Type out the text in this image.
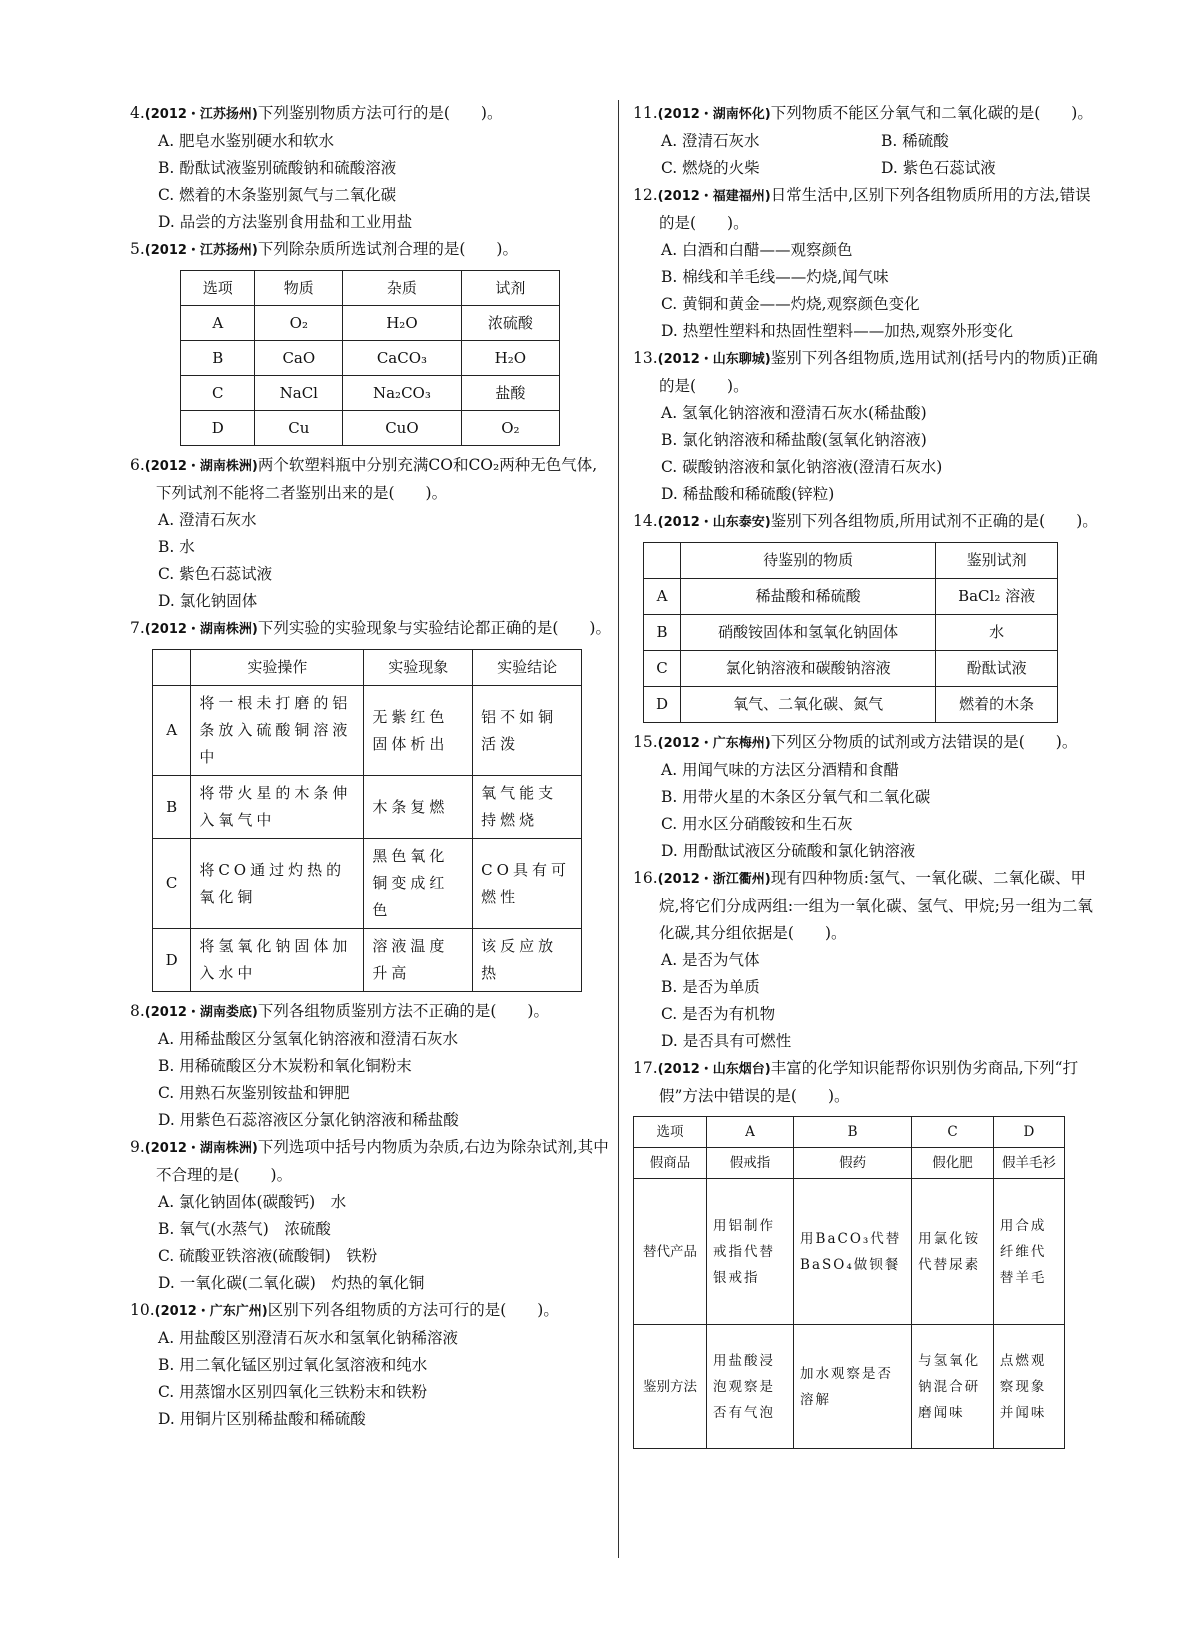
4.(2012・江苏扬州)下列鉴别物质方法可行的是(　　)。

A. 肥皂水鉴别硬水和软水

B. 酚酞试液鉴别硫酸钠和硫酸溶液

C. 燃着的木条鉴别氮气与二氧化碳

D. 品尝的方法鉴别食用盐和工业用盐

5.(2012・江苏扬州)下列除杂质所选试剂合理的是(　　)。

选项	物质	杂质	试剂
A	O₂	H₂O	浓硫酸
B	CaO	CaCO₃	H₂O
C	NaCl	Na₂CO₃	盐酸
D	Cu	CuO	O₂

6.(2012・湖南株洲)两个软塑料瓶中分别充满CO和CO₂两种无色气体,下列试剂不能将二者鉴别出来的是(　　)。

A. 澄清石灰水

B. 水

C. 紫色石蕊试液

D. 氯化钠固体

7.(2012・湖南株洲)下列实验的实验现象与实验结论都正确的是(　　)。

	实验操作	实验现象	实验结论
A	将一根未打磨的铝条放入硫酸铜溶液中	无紫红色固体析出	铝不如铜活泼
B	将带火星的木条伸入氧气中	木条复燃	氧气能支持燃烧
C	将CO通过灼热的氧化铜	黑色氧化铜变成红色	CO具有可燃性
D	将氢氧化钠固体加入水中	溶液温度升高	该反应放热

8.(2012・湖南娄底)下列各组物质鉴别方法不正确的是(　　)。

A. 用稀盐酸区分氢氧化钠溶液和澄清石灰水

B. 用稀硫酸区分木炭粉和氧化铜粉末

C. 用熟石灰鉴别铵盐和钾肥

D. 用紫色石蕊溶液区分氯化钠溶液和稀盐酸

9.(2012・湖南株洲)下列选项中括号内物质为杂质,右边为除杂试剂,其中不合理的是(　　)。

A. 氯化钠固体(碳酸钙)　水

B. 氧气(水蒸气)　浓硫酸

C. 硫酸亚铁溶液(硫酸铜)　铁粉

D. 一氧化碳(二氧化碳)　灼热的氧化铜

10.(2012・广东广州)区别下列各组物质的方法可行的是(　　)。

A. 用盐酸区别澄清石灰水和氢氧化钠稀溶液

B. 用二氧化锰区别过氧化氢溶液和纯水

C. 用蒸馏水区别四氧化三铁粉末和铁粉

D. 用铜片区别稀盐酸和稀硫酸

11.(2012・湖南怀化)下列物质不能区分氧气和二氧化碳的是(　　)。

A. 澄清石灰水	B. 稀硫酸
C. 燃烧的火柴	D. 紫色石蕊试液

12.(2012・福建福州)日常生活中,区别下列各组物质所用的方法,错误的是(　　)。

A. 白酒和白醋——观察颜色

B. 棉线和羊毛线——灼烧,闻气味

C. 黄铜和黄金——灼烧,观察颜色变化

D. 热塑性塑料和热固性塑料——加热,观察外形变化

13.(2012・山东聊城)鉴别下列各组物质,选用试剂(括号内的物质)正确的是(　　)。

A. 氢氧化钠溶液和澄清石灰水(稀盐酸)

B. 氯化钠溶液和稀盐酸(氢氧化钠溶液)

C. 碳酸钠溶液和氯化钠溶液(澄清石灰水)

D. 稀盐酸和稀硫酸(锌粒)

14.(2012・山东泰安)鉴别下列各组物质,所用试剂不正确的是(　　)。

	待鉴别的物质	鉴别试剂
A	稀盐酸和稀硫酸	BaCl₂ 溶液
B	硝酸铵固体和氢氧化钠固体	水
C	氯化钠溶液和碳酸钠溶液	酚酞试液
D	氧气、二氧化碳、氮气	燃着的木条

15.(2012・广东梅州)下列区分物质的试剂或方法错误的是(　　)。

A. 用闻气味的方法区分酒精和食醋

B. 用带火星的木条区分氧气和二氧化碳

C. 用水区分硝酸铵和生石灰

D. 用酚酞试液区分硫酸和氯化钠溶液

16.(2012・浙江衢州)现有四种物质:氢气、一氧化碳、二氧化碳、甲烷,将它们分成两组:一组为一氧化碳、氢气、甲烷;另一组为二氧化碳,其分组依据是(　　)。

A. 是否为气体

B. 是否为单质

C. 是否为有机物

D. 是否具有可燃性

17.(2012・山东烟台)丰富的化学知识能帮你识别伪劣商品,下列“打假”方法中错误的是(　　)。

选项	A	B	C	D
假商品	假戒指	假药	假化肥	假羊毛衫
替代产品	用铝制作戒指代替银戒指	用BaCO₃代替BaSO₄做钡餐	用氯化铵代替尿素	用合成纤维代替羊毛
鉴别方法	用盐酸浸泡观察是否有气泡	加水观察是否溶解	与氢氧化钠混合研磨闻味	点燃观察现象并闻味
